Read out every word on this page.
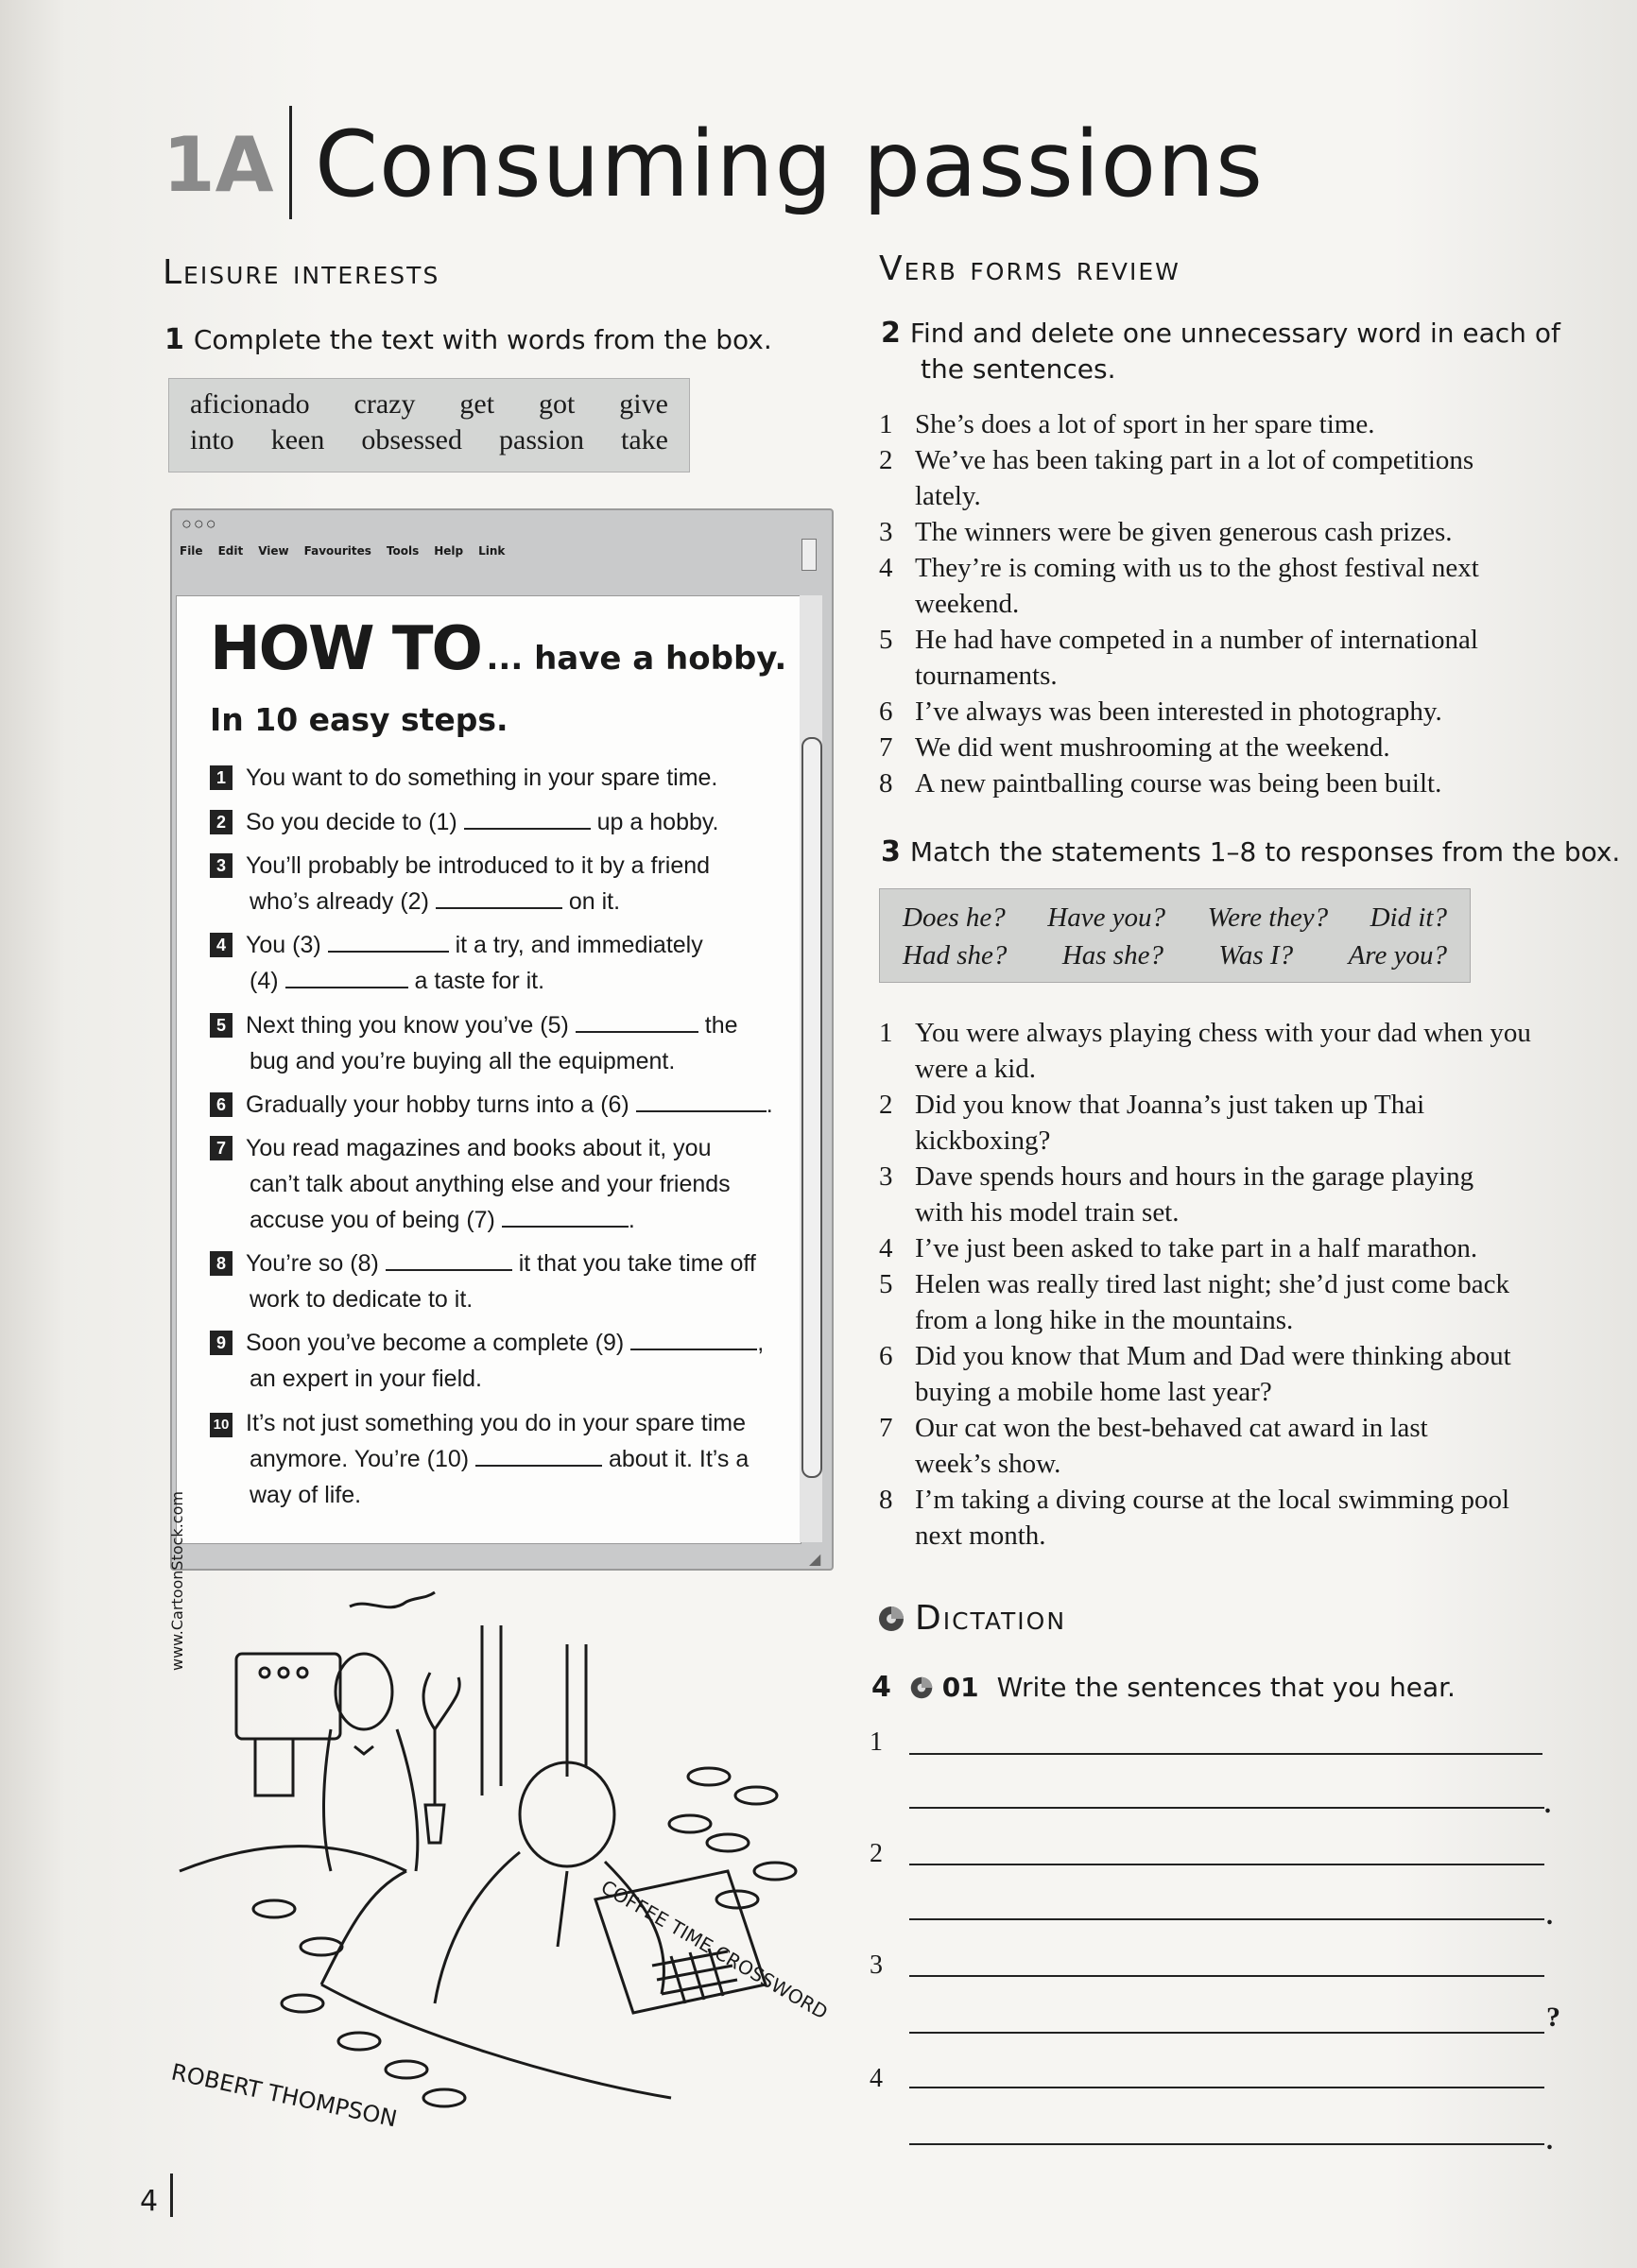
1A Consuming passions
Leisure interests
1 Complete the text with words from the box.
aficionado crazy get got give
into keen obsessed passion take
○○○
File Edit View Favourites Tools Help Link
◢
HOW TO ... have a hobby.
In 10 easy steps.
1 You want to do something in your spare time.
2 So you decide to (1)	up a hobby.
3 You’ll probably be introduced to it by a friend
who’s already (2)	on it.
4 You (3)	it a try, and immediately
(4)	a taste for it.
5 Next thing you know you’ve (5)	the
bug and you’re buying all the equipment.
6 Gradually your hobby turns into a (6)	.
7 You read magazines and books about it, you
can’t talk about anything else and your friends
accuse you of being (7)	.
8 You’re so (8)	it that you take time off
work to dedicate to it.
9 Soon you’ve become a complete (9)	,
an expert in your field.
10 It’s not just something you do in your spare time
anymore. You’re (10)	about it. It’s a
way of life.
COFFEE TIME CROSSWORD
ROBERT THOMPSON
www.CartoonStock.com
Verb forms review
2 Find and delete one unnecessary word in each of
the sentences.
1 She’s does a lot of sport in her spare time.
2 We’ve has been taking part in a lot of competitions
lately.
3 The winners were be given generous cash prizes.
4 They’re is coming with us to the ghost festival next
weekend.
5 He had have competed in a number of international
tournaments.
6 I’ve always was been interested in photography.
7 We did went mushrooming at the weekend.
8 A new paintballing course was being been built.
3 Match the statements 1–8 to responses from the box.
Does he? Have you? Were they? Did it?
Had she? Has she? Was I? Are you?
1 You were always playing chess with your dad when you
were a kid.
2 Did you know that Joanna’s just taken up Thai
kickboxing?
3 Dave spends hours and hours in the garage playing
with his model train set.
4 I’ve just been asked to take part in a half marathon.
5 Helen was really tired last night; she’d just come back
from a long hike in the mountains.
6 Did you know that Mum and Dad were thinking about
buying a mobile home last year?
7 Our cat won the best-behaved cat award in last
week’s show.
8 I’m taking a diving course at the local swimming pool
next month.
Dictation
4 01 Write the sentences that you hear.
1
.
2
.
3
?
4
.
4
